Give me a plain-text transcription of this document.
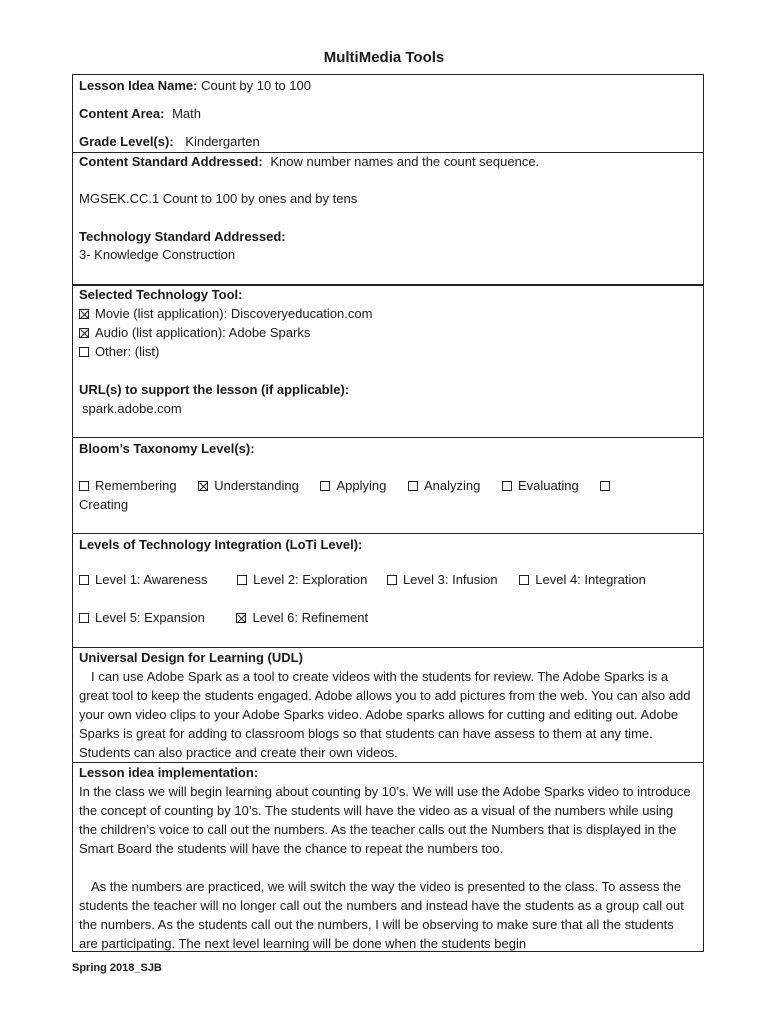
MultiMedia Tools
Lesson Idea Name: Count by 10 to 100
Content Area: Math
Grade Level(s): Kindergarten
Content Standard Addressed: Know number names and the count sequence.
MGSEK.CC.1 Count to 100 by ones and by tens
Technology Standard Addressed:
3- Knowledge Construction
Selected Technology Tool:
Movie (list application): Discoveryeducation.com
Audio (list application): Adobe Sparks
Other: (list)
URL(s) to support the lesson (if applicable):
spark.adobe.com
Bloom’s Taxonomy Level(s):
Remembering	Understanding	Applying	Analyzing	Evaluating
Creating
Levels of Technology Integration (LoTi Level):
Level 1: Awareness	Level 2: Exploration	Level 3: Infusion	Level 4: Integration
Level 5: Expansion	Level 6: Refinement
Universal Design for Learning (UDL)
I can use Adobe Spark as a tool to create videos with the students for review. The Adobe Sparks is a great tool to keep the students engaged. Adobe allows you to add pictures from the web. You can also add your own video clips to your Adobe Sparks video. Adobe sparks allows for cutting and editing out. Adobe Sparks is great for adding to classroom blogs so that students can have assess to them at any time. Students can also practice and create their own videos.
Lesson idea implementation:
In the class we will begin learning about counting by 10’s. We will use the Adobe Sparks video to introduce the concept of counting by 10’s. The students will have the video as a visual of the numbers while using the children’s voice to call out the numbers. As the teacher calls out the Numbers that is displayed in the Smart Board the students will have the chance to repeat the numbers too.
As the numbers are practiced, we will switch the way the video is presented to the class. To assess the students the teacher will no longer call out the numbers and instead have the students as a group call out the numbers. As the students call out the numbers, I will be observing to make sure that all the students are participating. The next level learning will be done when the students begin
Spring 2018_SJB
